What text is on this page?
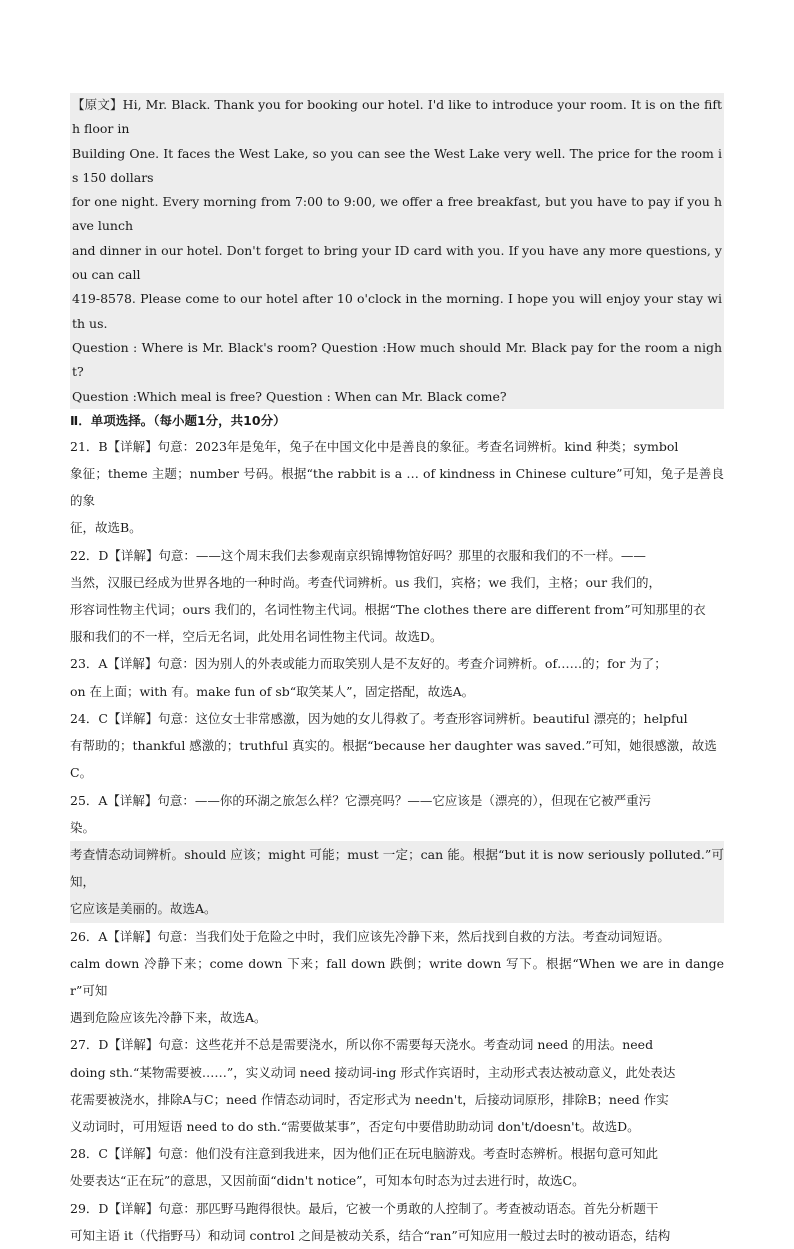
【原文】Hi, Mr. Black. Thank you for booking our hotel. I'd like to introduce your room. It is on the fifth floor in

Building One. It faces the West Lake, so you can see the West Lake very well. The price for the room is 150 dollars

for one night. Every morning from 7:00 to 9:00, we offer a free breakfast, but you have to pay if you have lunch

and dinner in our hotel. Don't forget to bring your ID card with you. If you have any more questions, you can call

419-8578. Please come to our hotel after 10 o'clock in the morning. I hope you will enjoy your stay with us.

Question : Where is Mr. Black's room? Question :How much should Mr. Black pay for the room a night?

Question :Which meal is free? Question : When can Mr. Black come?

Ⅱ．单项选择。（每小题1分，共10分）

21．B【详解】句意：2023年是兔年，兔子在中国文化中是善良的象征。考查名词辨析。kind 种类；symbol

象征；theme 主题；number 号码。根据“the rabbit is a … of kindness in Chinese culture”可知，兔子是善良的象

征，故选B。

22．D【详解】句意：——这个周末我们去参观南京织锦博物馆好吗？那里的衣服和我们的不一样。——

当然，汉服已经成为世界各地的一种时尚。考查代词辨析。us 我们，宾格；we 我们，主格；our 我们的，

形容词性物主代词；ours 我们的，名词性物主代词。根据“The clothes there are different from”可知那里的衣

服和我们的不一样，空后无名词，此处用名词性物主代词。故选D。

23．A【详解】句意：因为别人的外表或能力而取笑别人是不友好的。考查介词辨析。of……的；for 为了；

on 在上面；with 有。make fun of sb“取笑某人”，固定搭配，故选A。

24．C【详解】句意：这位女士非常感激，因为她的女儿得救了。考查形容词辨析。beautiful 漂亮的；helpful

有帮助的；thankful 感激的；truthful 真实的。根据“because her daughter was saved.”可知，她很感激，故选

C。

25．A【详解】句意：——你的环湖之旅怎么样？它漂亮吗？——它应该是（漂亮的），但现在它被严重污

染。

考查情态动词辨析。should 应该；might 可能；must 一定；can 能。根据“but it is now seriously polluted.”可知，

它应该是美丽的。故选A。

26．A【详解】句意：当我们处于危险之中时，我们应该先冷静下来，然后找到自救的方法。考查动词短语。

calm down 冷静下来；come down 下来；fall down 跌倒；write down 写下。根据“When we are in danger”可知

遇到危险应该先冷静下来，故选A。

27．D【详解】句意：这些花并不总是需要浇水，所以你不需要每天浇水。考查动词 need 的用法。need

doing sth.“某物需要被……”，实义动词 need 接动词-ing 形式作宾语时，主动形式表达被动意义，此处表达

花需要被浇水，排除A与C；need 作情态动词时，否定形式为 needn't，后接动词原形，排除B；need 作实

义动词时，可用短语 need to do sth.“需要做某事”，否定句中要借助助动词 don't/doesn't。故选D。

28．C【详解】句意：他们没有注意到我进来，因为他们正在玩电脑游戏。考查时态辨析。根据句意可知此

处要表达“正在玩”的意思，又因前面“didn't notice”，可知本句时态为过去进行时，故选C。

29．D【详解】句意：那匹野马跑得很快。最后，它被一个勇敢的人控制了。考查被动语态。首先分析题干

可知主语 it（代指野马）和动词 control 之间是被动关系，结合“ran”可知应用一般过去时的被动语态，结构
